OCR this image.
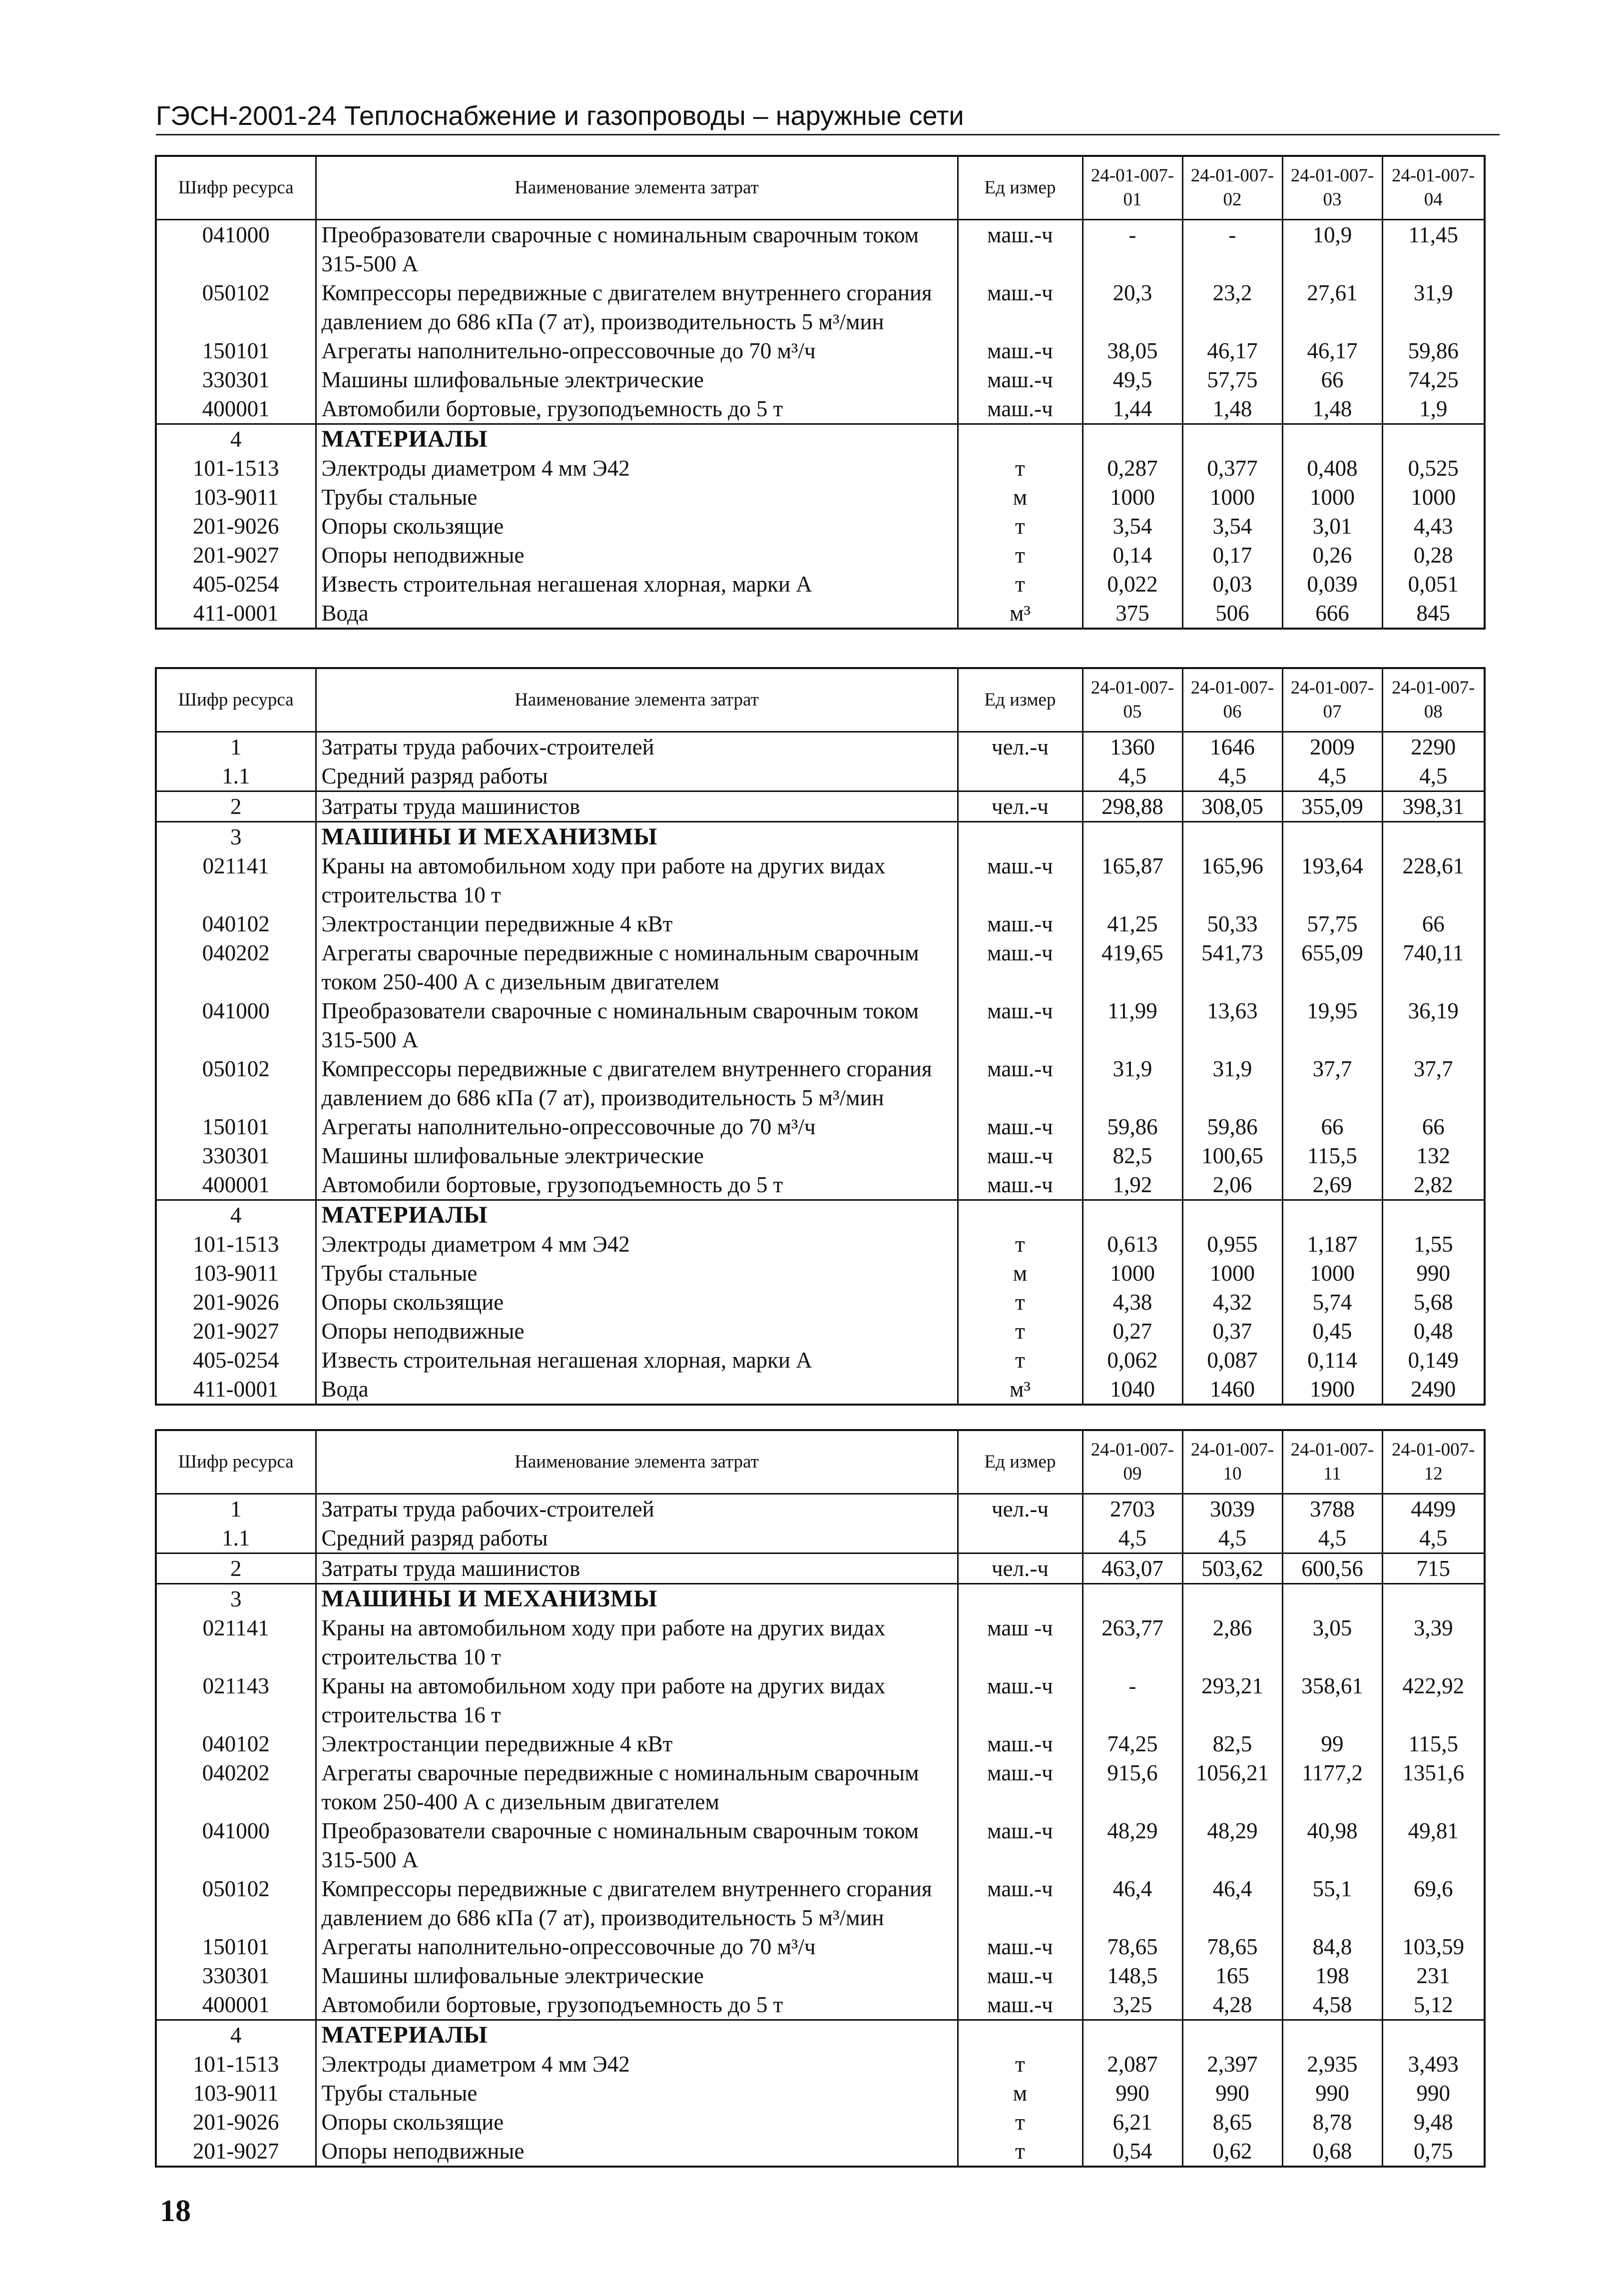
ГЭСН-2001-24 Теплоснабжение и газопроводы – наружные сети
Шифр ресурса	Наименование элемента затрат	Ед измер	24-01-007-01	24-01-007-02	24-01-007-03	24-01-007-04
041000	Преобразователи сварочные с номинальным сварочным током 315-500 А	маш.-ч	-	-	10,9	11,45
050102	Компрессоры передвижные с двигателем внутреннего сгорания давлением до 686 кПа (7 ат), производительность 5 м³/мин	маш.-ч	20,3	23,2	27,61	31,9
150101	Агрегаты наполнительно-опрессовочные до 70 м³/ч	маш.-ч	38,05	46,17	46,17	59,86
330301	Машины шлифовальные электрические	маш.-ч	49,5	57,75	66	74,25
400001	Автомобили бортовые, грузоподъемность до 5 т	маш.-ч	1,44	1,48	1,48	1,9
4	МАТЕРИАЛЫ					
101-1513	Электроды диаметром 4 мм Э42	т	0,287	0,377	0,408	0,525
103-9011	Трубы стальные	м	1000	1000	1000	1000
201-9026	Опоры скользящие	т	3,54	3,54	3,01	4,43
201-9027	Опоры неподвижные	т	0,14	0,17	0,26	0,28
405-0254	Известь строительная негашеная хлорная, марки А	т	0,022	0,03	0,039	0,051
411-0001	Вода	м³	375	506	666	845
Шифр ресурса	Наименование элемента затрат	Ед измер	24-01-007-05	24-01-007-06	24-01-007-07	24-01-007-08
1	Затраты труда рабочих-строителей	чел.-ч	1360	1646	2009	2290
1.1	Средний разряд работы		4,5	4,5	4,5	4,5
2	Затраты труда машинистов	чел.-ч	298,88	308,05	355,09	398,31
3	МАШИНЫ И МЕХАНИЗМЫ					
021141	Краны на автомобильном ходу при работе на других видах строительства 10 т	маш.-ч	165,87	165,96	193,64	228,61
040102	Электростанции передвижные 4 кВт	маш.-ч	41,25	50,33	57,75	66
040202	Агрегаты сварочные передвижные с номинальным сварочным током 250-400 А с дизельным двигателем	маш.-ч	419,65	541,73	655,09	740,11
041000	Преобразователи сварочные с номинальным сварочным током 315-500 А	маш.-ч	11,99	13,63	19,95	36,19
050102	Компрессоры передвижные с двигателем внутреннего сгорания давлением до 686 кПа (7 ат), производительность 5 м³/мин	маш.-ч	31,9	31,9	37,7	37,7
150101	Агрегаты наполнительно-опрессовочные до 70 м³/ч	маш.-ч	59,86	59,86	66	66
330301	Машины шлифовальные электрические	маш.-ч	82,5	100,65	115,5	132
400001	Автомобили бортовые, грузоподъемность до 5 т	маш.-ч	1,92	2,06	2,69	2,82
4	МАТЕРИАЛЫ					
101-1513	Электроды диаметром 4 мм Э42	т	0,613	0,955	1,187	1,55
103-9011	Трубы стальные	м	1000	1000	1000	990
201-9026	Опоры скользящие	т	4,38	4,32	5,74	5,68
201-9027	Опоры неподвижные	т	0,27	0,37	0,45	0,48
405-0254	Известь строительная негашеная хлорная, марки А	т	0,062	0,087	0,114	0,149
411-0001	Вода	м³	1040	1460	1900	2490
Шифр ресурса	Наименование элемента затрат	Ед измер	24-01-007-09	24-01-007-10	24-01-007-11	24-01-007-12
1	Затраты труда рабочих-строителей	чел.-ч	2703	3039	3788	4499
1.1	Средний разряд работы		4,5	4,5	4,5	4,5
2	Затраты труда машинистов	чел.-ч	463,07	503,62	600,56	715
3	МАШИНЫ И МЕХАНИЗМЫ					
021141	Краны на автомобильном ходу при работе на других видах строительства 10 т	маш -ч	263,77	2,86	3,05	3,39
021143	Краны на автомобильном ходу при работе на других видах строительства 16 т	маш.-ч	-	293,21	358,61	422,92
040102	Электростанции передвижные 4 кВт	маш.-ч	74,25	82,5	99	115,5
040202	Агрегаты сварочные передвижные с номинальным сварочным током 250-400 А с дизельным двигателем	маш.-ч	915,6	1056,21	1177,2	1351,6
041000	Преобразователи сварочные с номинальным сварочным током 315-500 А	маш.-ч	48,29	48,29	40,98	49,81
050102	Компрессоры передвижные с двигателем внутреннего сгорания давлением до 686 кПа (7 ат), производительность 5 м³/мин	маш.-ч	46,4	46,4	55,1	69,6
150101	Агрегаты наполнительно-опрессовочные до 70 м³/ч	маш.-ч	78,65	78,65	84,8	103,59
330301	Машины шлифовальные электрические	маш.-ч	148,5	165	198	231
400001	Автомобили бортовые, грузоподъемность до 5 т	маш.-ч	3,25	4,28	4,58	5,12
4	МАТЕРИАЛЫ					
101-1513	Электроды диаметром 4 мм Э42	т	2,087	2,397	2,935	3,493
103-9011	Трубы стальные	м	990	990	990	990
201-9026	Опоры скользящие	т	6,21	8,65	8,78	9,48
201-9027	Опоры неподвижные	т	0,54	0,62	0,68	0,75
18
